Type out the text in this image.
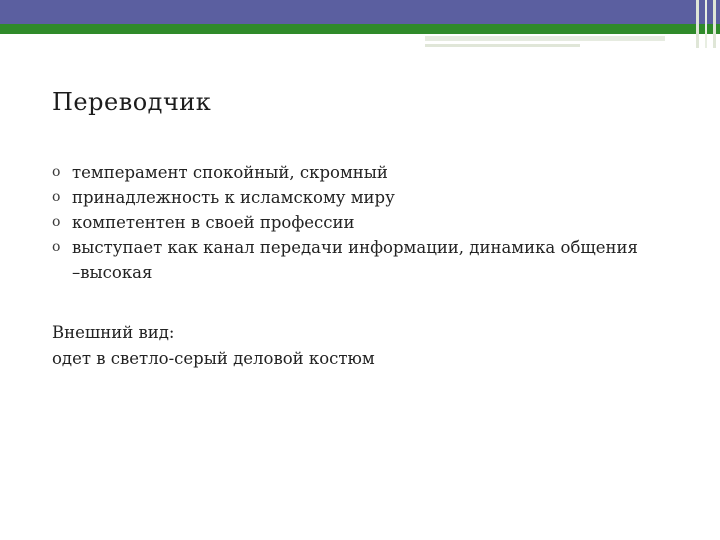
Переводчик
o темперамент спокойный, скромный
o принадлежность к исламскому миру
o компетентен в своей профессии
o выступает как канал передачи информации, динамика общения
–высокая
Внешний вид:
одет в светло-серый деловой костюм
